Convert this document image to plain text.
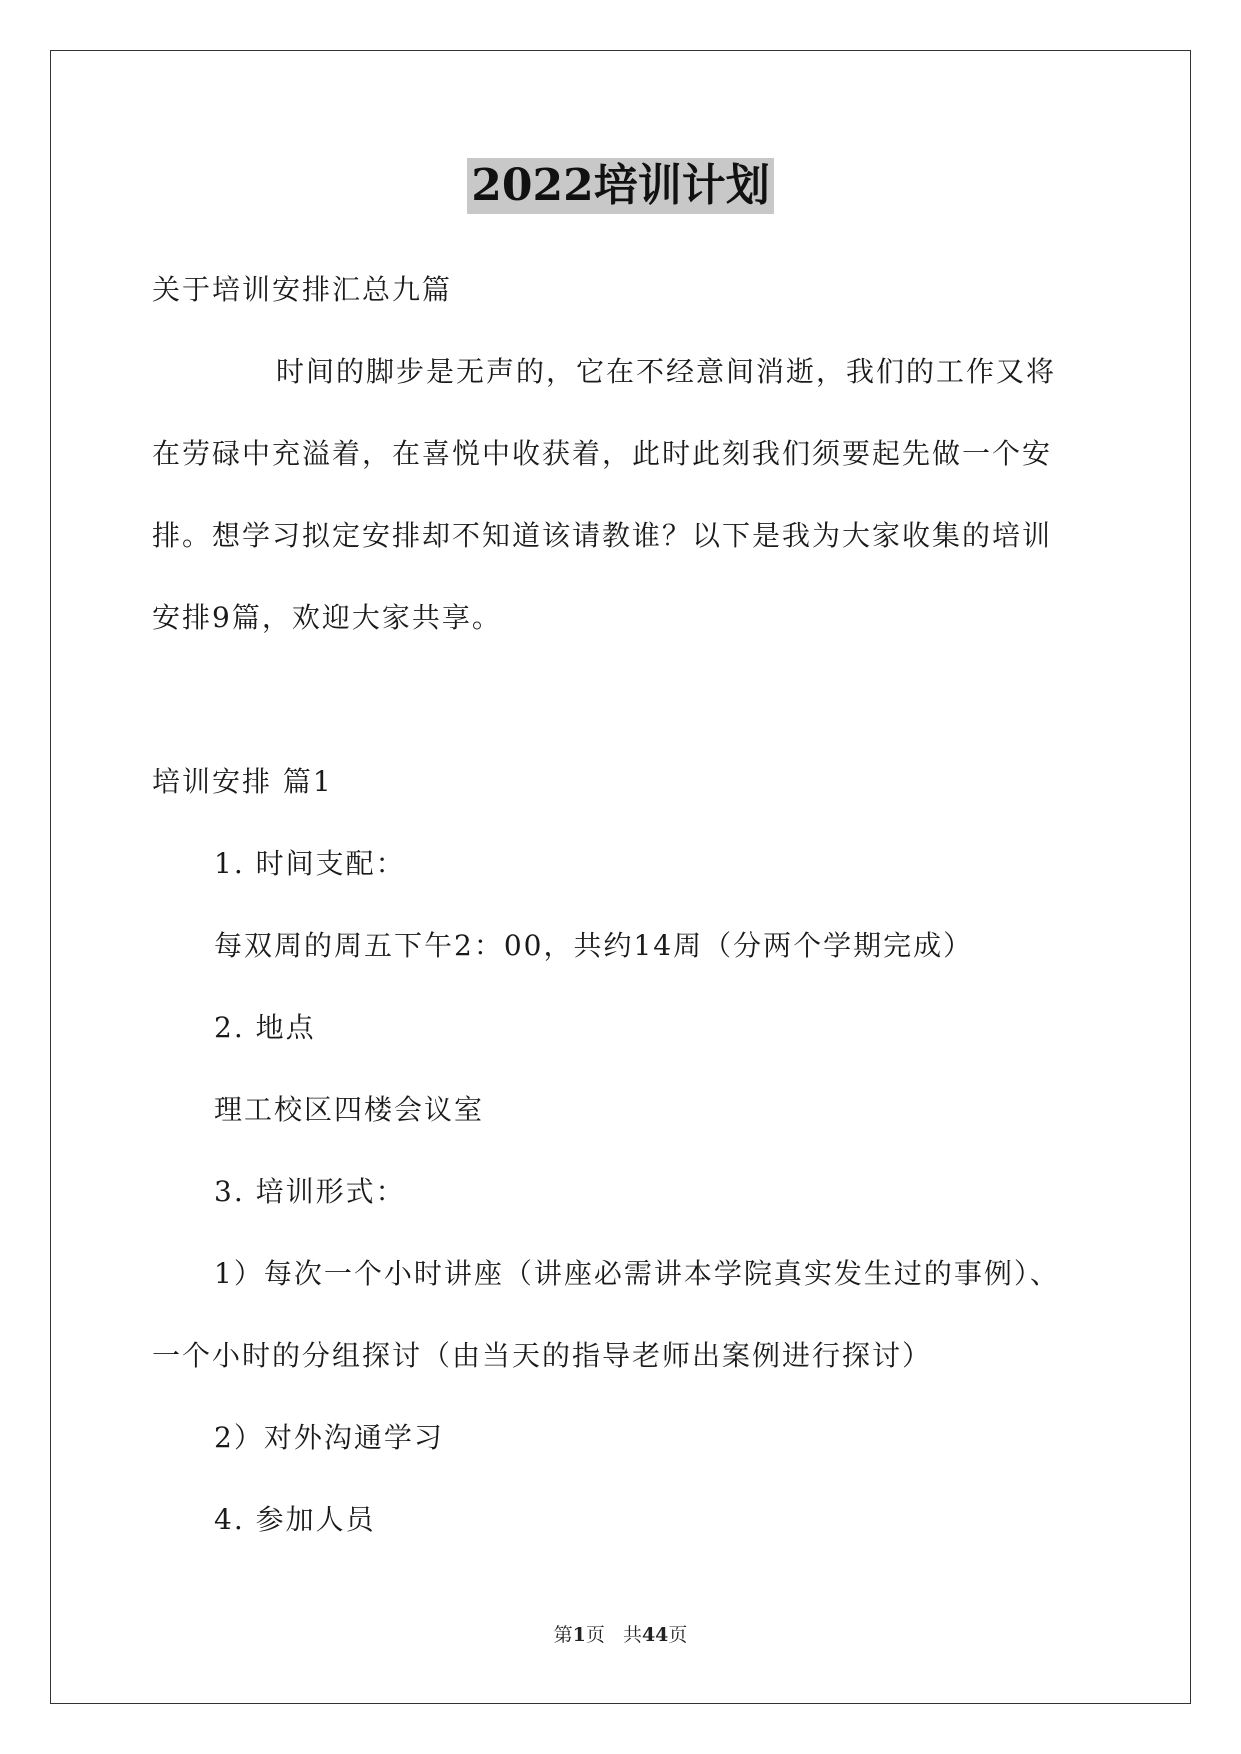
2022培训计划
关于培训安排汇总九篇
时间的脚步是无声的，它在不经意间消逝，我们的工作又将
在劳碌中充溢着，在喜悦中收获着，此时此刻我们须要起先做一个安
排。想学习拟定安排却不知道该请教谁？以下是我为大家收集的培训
安排9篇，欢迎大家共享。
培训安排 篇1
1. 时间支配：
每双周的周五下午2：00，共约14周（分两个学期完成）
2. 地点
理工校区四楼会议室
3. 培训形式：
1）每次一个小时讲座（讲座必需讲本学院真实发生过的事例）、
一个小时的分组探讨（由当天的指导老师出案例进行探讨）
2）对外沟通学习
4. 参加人员
第1页   共44页
